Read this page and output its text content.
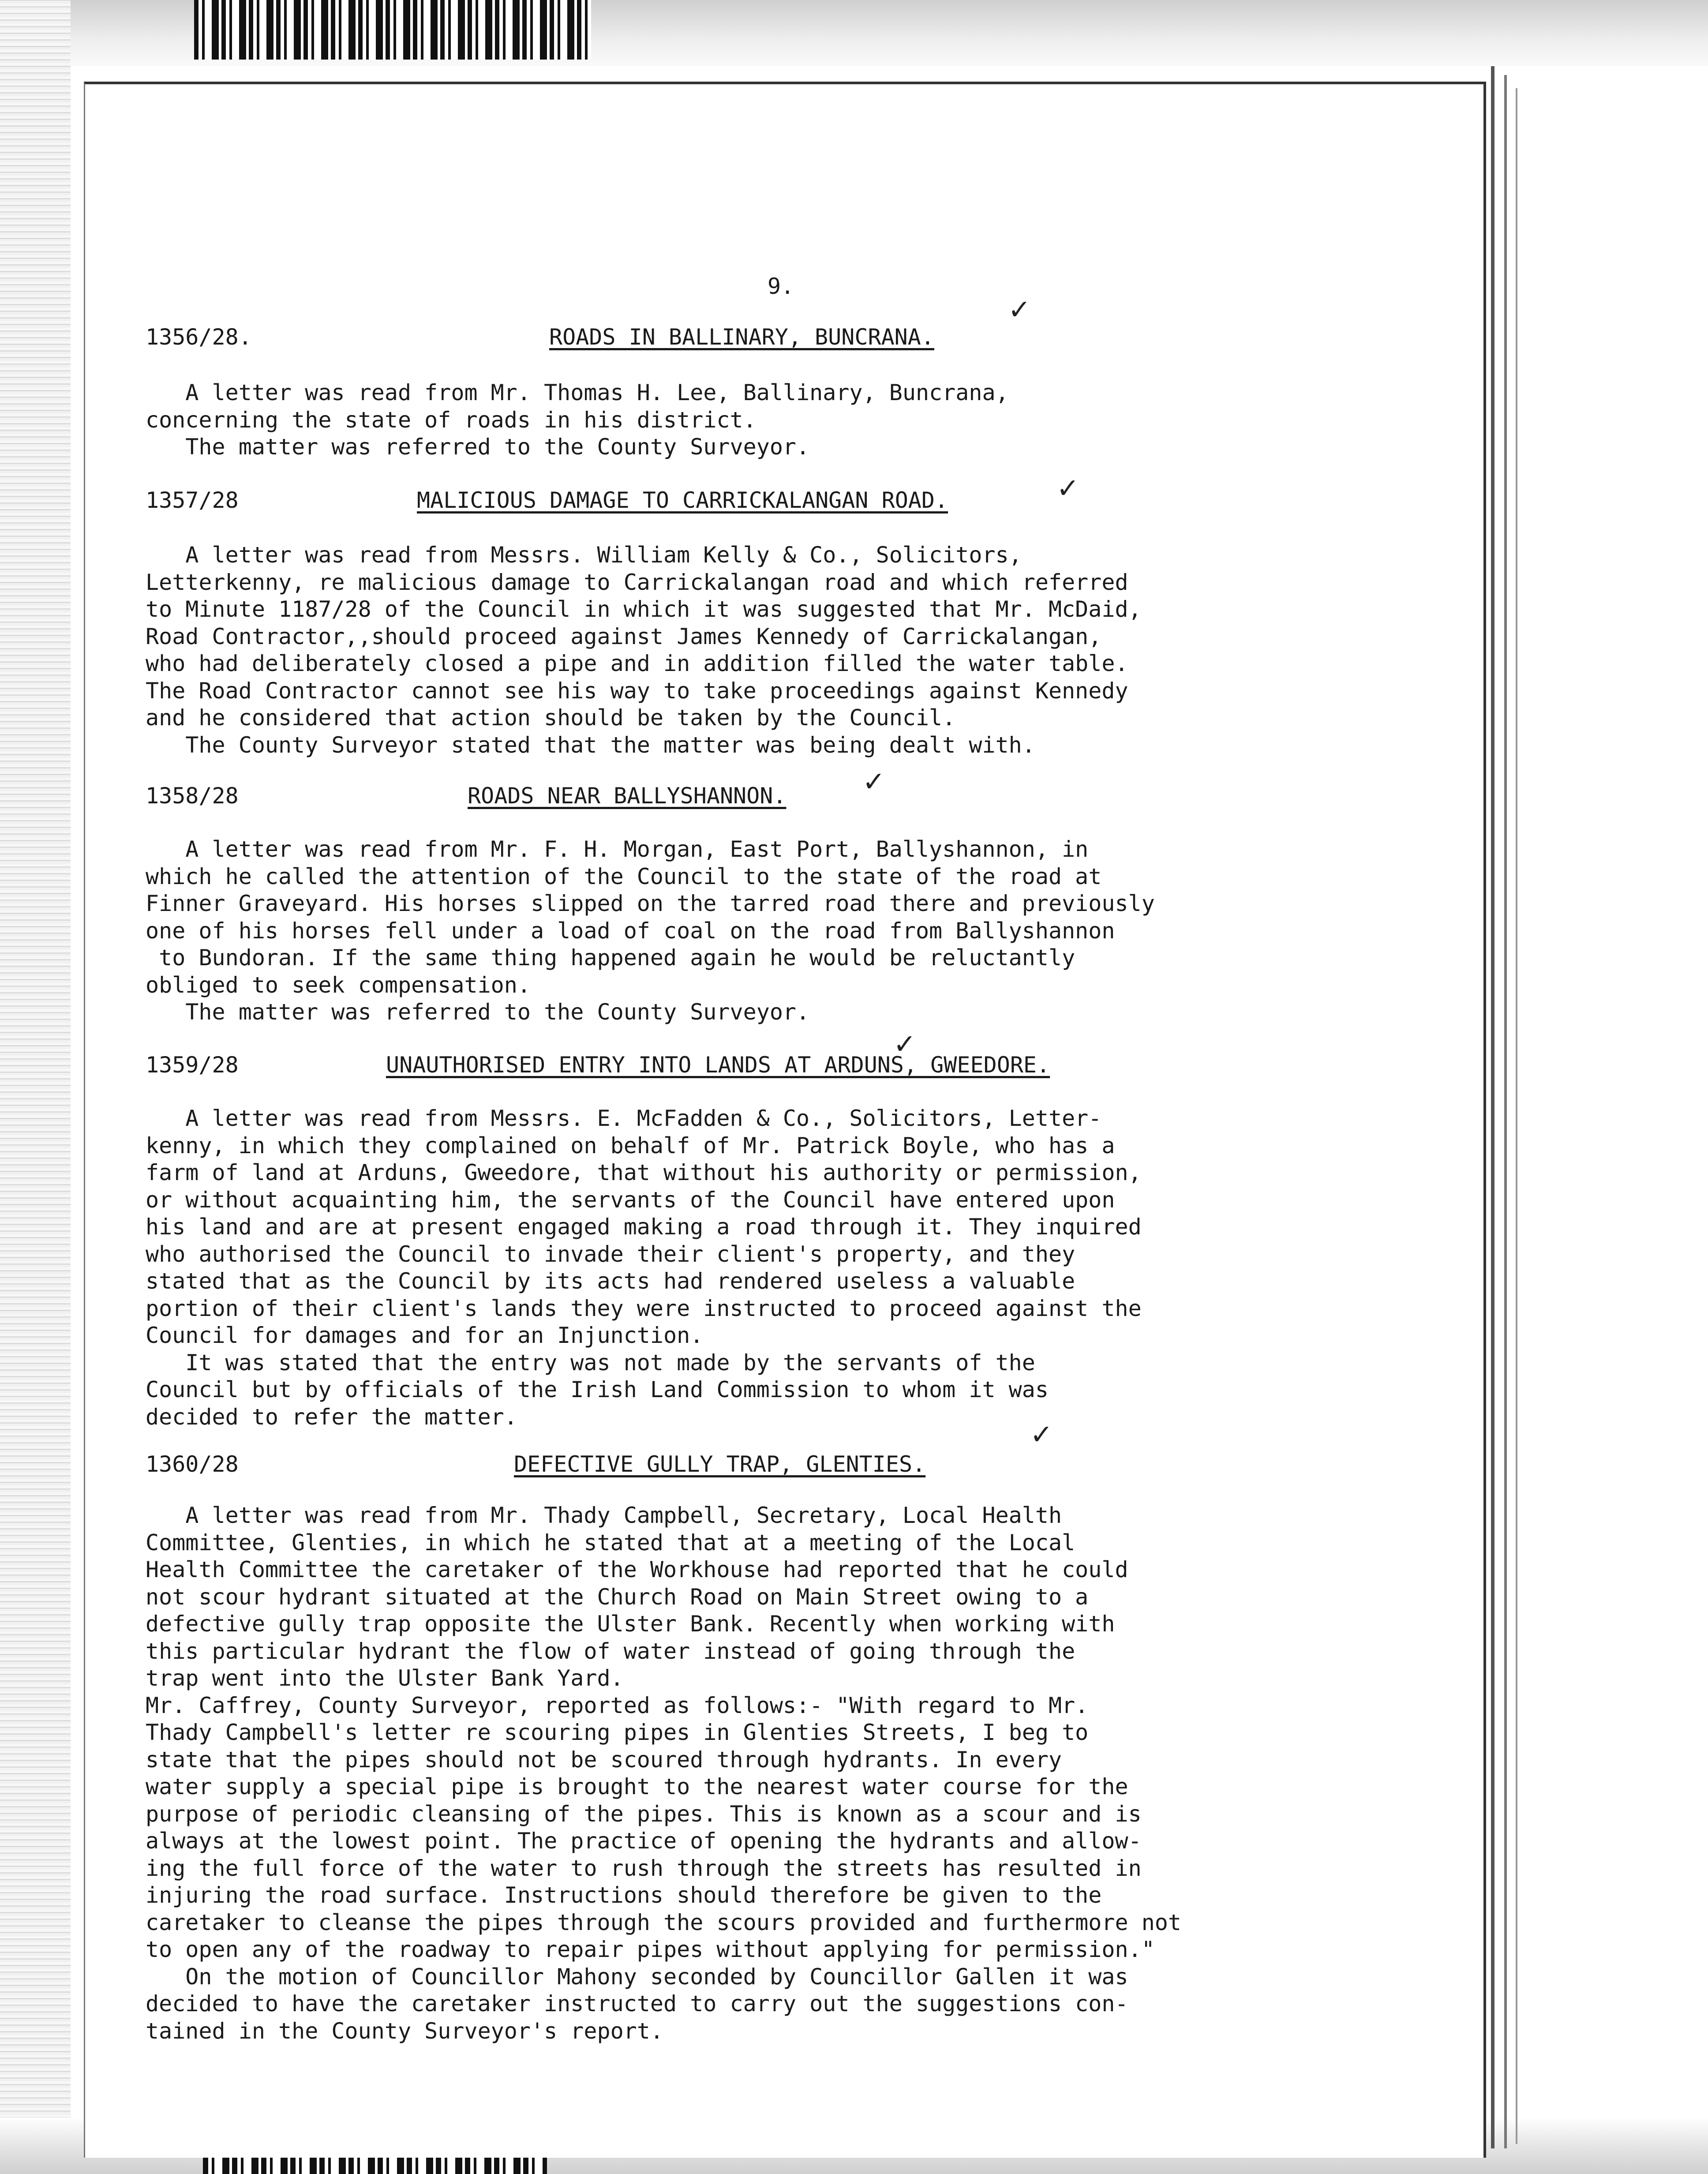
9.
1356/28.	ROADS IN BALLINARY, BUNCRANA.
✓
A letter was read from Mr. Thomas H. Lee, Ballinary, Buncrana,
concerning the state of roads in his district.
The matter was referred to the County Surveyor.
1357/28	MALICIOUS DAMAGE TO CARRICKALANGAN ROAD.	✓
A letter was read from Messrs. William Kelly & Co., Solicitors,
Letterkenny, re malicious damage to Carrickalangan road and which referred
to Minute 1187/28 of the Council in which it was suggested that Mr. McDaid,
Road Contractor,,should proceed against James Kennedy of Carrickalangan,
who had deliberately closed a pipe and in addition filled the water table.
The Road Contractor cannot see his way to take proceedings against Kennedy
and he considered that action should be taken by the Council.
The County Surveyor stated that the matter was being dealt with.
1358/28	ROADS NEAR BALLYSHANNON.	✓
A letter was read from Mr. F. H. Morgan, East Port, Ballyshannon, in
which he called the attention of the Council to the state of the road at
Finner Graveyard. His horses slipped on the tarred road there and previously
one of his horses fell under a load of coal on the road from Ballyshannon
to Bundoran. If the same thing happened again he would be reluctantly
obliged to seek compensation.
The matter was referred to the County Surveyor.
1359/28	UNAUTHORISED ENTRY INTO LANDS AT ARDUNS, GWEEDORE.
✓
A letter was read from Messrs. E. McFadden & Co., Solicitors, Letter-
kenny, in which they complained on behalf of Mr. Patrick Boyle, who has a
farm of land at Arduns, Gweedore, that without his authority or permission,
or without acquainting him, the servants of the Council have entered upon
his land and are at present engaged making a road through it. They inquired
who authorised the Council to invade their client's property, and they
stated that as the Council by its acts had rendered useless a valuable
portion of their client's lands they were instructed to proceed against the
Council for damages and for an Injunction.
It was stated that the entry was not made by the servants of the
Council but by officials of the Irish Land Commission to whom it was
decided to refer the matter.
1360/28	DEFECTIVE GULLY TRAP, GLENTIES.
✓
A letter was read from Mr. Thady Campbell, Secretary, Local Health
Committee, Glenties, in which he stated that at a meeting of the Local
Health Committee the caretaker of the Workhouse had reported that he could
not scour hydrant situated at the Church Road on Main Street owing to a
defective gully trap opposite the Ulster Bank. Recently when working with
this particular hydrant the flow of water instead of going through the
trap went into the Ulster Bank Yard.
Mr. Caffrey, County Surveyor, reported as follows:- "With regard to Mr.
Thady Campbell's letter re scouring pipes in Glenties Streets, I beg to
state that the pipes should not be scoured through hydrants. In every
water supply a special pipe is brought to the nearest water course for the
purpose of periodic cleansing of the pipes. This is known as a scour and is
always at the lowest point. The practice of opening the hydrants and allow-
ing the full force of the water to rush through the streets has resulted in
injuring the road surface. Instructions should therefore be given to the
caretaker to cleanse the pipes through the scours provided and furthermore not
to open any of the roadway to repair pipes without applying for permission."
On the motion of Councillor Mahony seconded by Councillor Gallen it was
decided to have the caretaker instructed to carry out the suggestions con-
tained in the County Surveyor's report.
